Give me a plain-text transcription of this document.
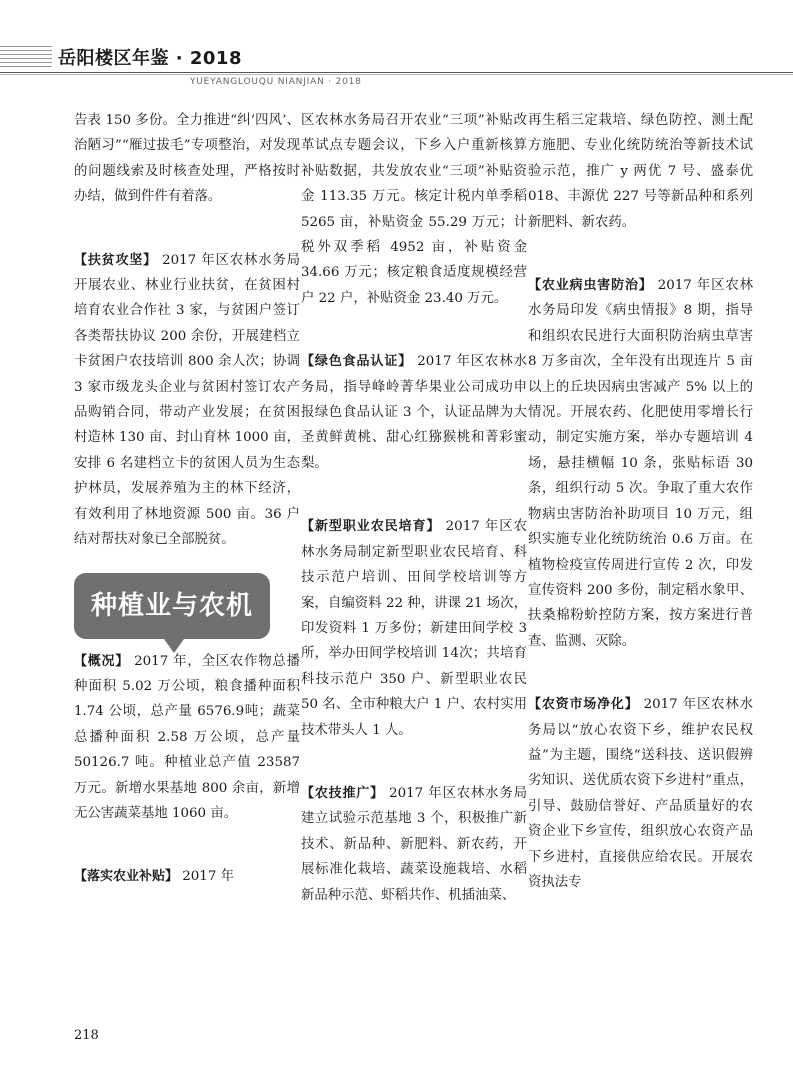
岳阳楼区年鉴 · 2018
YUEYANGLOUQU NIANJIAN · 2018

告表 150 多份。全力推进“纠‘四风’、治陋习”“雁过拔毛”专项整治，对发现的问题线索及时核查处理，严格按时办结，做到件件有着落。

【扶贫攻坚】 2017 年区农林水务局开展农业、林业行业扶贫，在贫困村培育农业合作社 3 家，与贫困户签订各类帮扶协议 200 余份，开展建档立卡贫困户农技培训 800 余人次；协调 3 家市级龙头企业与贫困村签订农产品购销合同，带动产业发展；在贫困村造林 130 亩、封山育林 1000 亩，安排 6 名建档立卡的贫困人员为生态护林员，发展养殖为主的林下经济，有效利用了林地资源 500 亩。36 户结对帮扶对象已全部脱贫。

种植业与农机

【概况】 2017 年，全区农作物总播种面积 5.02 万公顷，粮食播种面积 1.74 公顷，总产量 6576.9吨；蔬菜总播种面积 2.58 万公顷，总产量 50126.7 吨。种植业总产值 23587 万元。新增水果基地 800 余亩，新增无公害蔬菜基地 1060 亩。

【落实农业补贴】 2017 年

区农林水务局召开农业“三项”补贴改革试点专题会议，下乡入户重新核算补贴数据，共发放农业“三项”补贴资金 113.35 万元。核定计税内单季稻 5265 亩，补贴资金 55.29 万元；计税外双季稻 4952 亩，补贴资金 34.66 万元；核定粮食适度规模经营户 22 户，补贴资金 23.40 万元。

【绿色食品认证】 2017 年区农林水务局，指导峰岭菁华果业公司成功申报绿色食品认证 3 个，认证品牌为大圣黄鲜黄桃、甜心红猕猴桃和菁彩蜜梨。

【新型职业农民培育】 2017 年区农林水务局制定新型职业农民培育、科技示范户培训、田间学校培训等方案，自编资料 22 种，讲课 21 场次，印发资料 1 万多份；新建田间学校 3 所，举办田间学校培训 14次；共培育科技示范户 350 户、新型职业农民 50 名、全市种粮大户 1 户、农村实用技术带头人 1 人。

【农技推广】 2017 年区农林水务局建立试验示范基地 3 个，积极推广新技术、新品种、新肥料、新农药，开展标准化栽培、蔬菜设施栽培、水稻新品种示范、虾稻共作、机插油菜、

再生稻三定栽培、绿色防控、测土配方施肥、专业化统防统治等新技术试验示范，推广 y 两优 7 号、盛泰优 018、丰源优 227 号等新品种和系列新肥料、新农药。

【农业病虫害防治】 2017 年区农林水务局印发《病虫情报》8 期，指导和组织农民进行大面积防治病虫草害 8 万多亩次，全年没有出现连片 5 亩以上的丘块因病虫害减产 5% 以上的情况。开展农药、化肥使用零增长行动，制定实施方案，举办专题培训 4 场，悬挂横幅 10 条，张贴标语 30 条，组织行动 5 次。争取了重大农作物病虫害防治补助项目 10 万元，组织实施专业化统防统治 0.6 万亩。在植物检疫宣传周进行宣传 2 次，印发宣传资料 200 多份，制定稻水象甲、扶桑棉粉蚧控防方案，按方案进行普查、监测、灭除。

【农资市场净化】 2017 年区农林水务局以“放心农资下乡，维护农民权益”为主题，围绕“送科技、送识假辨劣知识、送优质农资下乡进村”重点，引导、鼓励信誉好、产品质量好的农资企业下乡宣传，组织放心农资产品下乡进村，直接供应给农民。开展农资执法专

218
